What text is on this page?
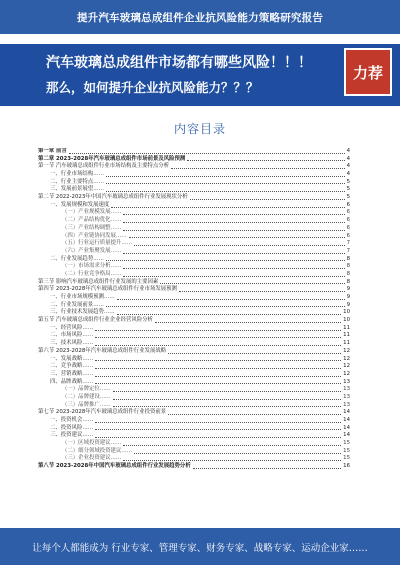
提升汽车玻璃总成组件企业抗风险能力策略研究报告
汽车玻璃总成组件市场都有哪些风险！！！
那么，如何提升企业抗风险能力？？？
力荐
内容目录
第一章 前言	4
第二章 2023-2028年汽车玻璃总成组件市场前景及风险预测	4
第一节 汽车玻璃总成组件行业市场结构及主要特点分析	4
一、行业市场结构……	4
二、行业主要特点……	5
三、发展前景展望……	5
第二节 2022-2023年中国汽车玻璃总成组件行业发展现状分析	5
一、发展规模和发展速度	6
（一）产业规模发展……	6
（二）产品结构优化……	6
（三）产业结构调整……	6
（四）产业链协同发展……	6
（五）行业运行质量提升……	7
（六）产业集聚发展……	7
二、行业发展趋势……	8
（一）市场需求分析……	8
（二）行业竞争格局……	8
第三节 影响汽车玻璃总成组件行业发展的主要因素	8
第四节 2023-2028年汽车玻璃总成组件行业市场发展预测	9
一、行业市场规模预测……	9
二、行业发展前景……	9
三、行业技术发展趋势……	10
第五节 汽车玻璃总成组件行业企业经营风险分析	10
一、经营风险……	11
二、市场风险……	11
三、技术风险……	11
第六节 2023-2028年汽车玻璃总成组件行业发展战略	12
一、发展战略……	12
二、竞争战略……	12
三、营销战略……	12
四、品牌战略……	13
（一）品牌定位……	13
（二）品牌建设……	13
（三）品牌推广……	13
第七节 2023-2028年汽车玻璃总成组件行业投资前景	14
一、投资机会……	14
二、投资风险……	14
三、投资建议……	14
（一）区域投资建议……	15
（二）细分领域投资建议……	15
（三）企业投资建议……	15
第八节 2023-2028年中国汽车玻璃总成组件行业发展趋势分析	16
让每个人都能成为 行业专家、管理专家、财务专家、战略专家、运动企业家……
